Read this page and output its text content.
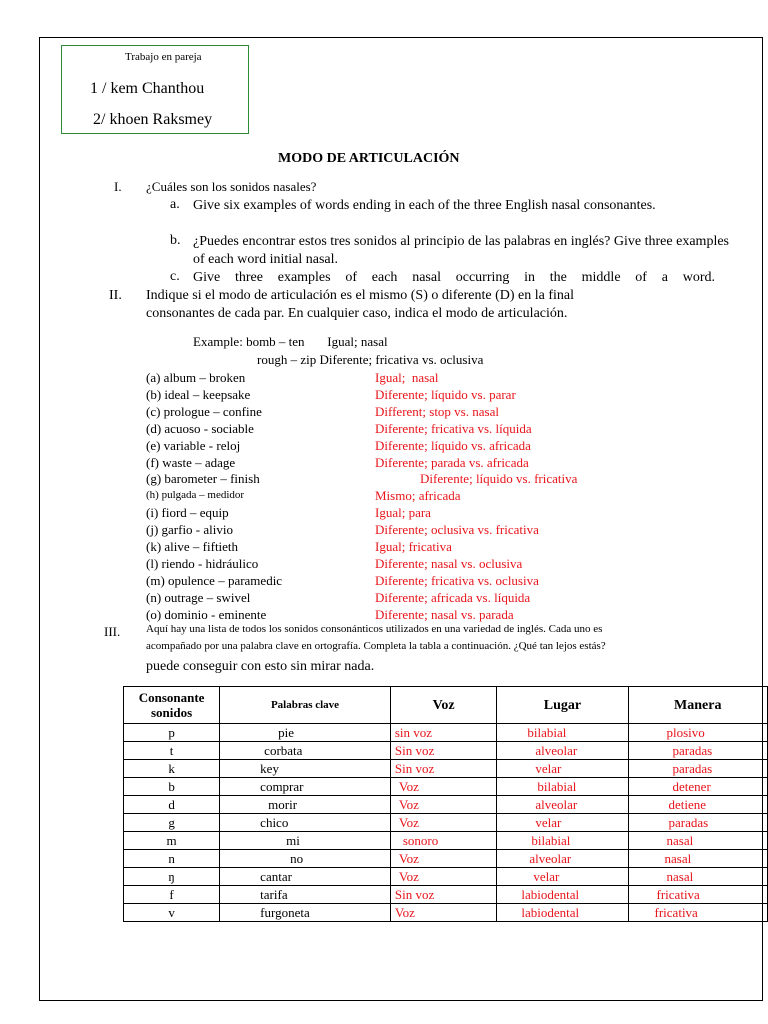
Trabajo en pareja
1 / kem Chanthou
2/ khoen Raksmey
MODO DE ARTICULACIÓN
I. ¿Cuáles son los sonidos nasales?
a. Give six examples of words ending in each of the three English nasal consonantes.
b. ¿Puedes encontrar estos tres sonidos al principio de las palabras en inglés? Give three examples of each word initial nasal.
c. Give three examples of each nasal occurring in the middle of a word.
II. Indique si el modo de articulación es el mismo (S) o diferente (D) en la final
consonantes de cada par. En cualquier caso, indica el modo de articulación.
Example: bomb – ten       Igual; nasal
rough – zip Diferente; fricativa vs. oclusiva
(a) album – broken	Igual;  nasal
(b) ideal – keepsake	Diferente; líquido vs. parar
(c) prologue – confine	Different; stop vs. nasal
(d) acuoso - sociable	Diferente; fricativa vs. líquida
(e) variable - reloj	Diferente; líquido vs. africada
(f) waste – adage	Diferente; parada vs. africada
(g) barometer – finish	Diferente; líquido vs. fricativa
(h) pulgada – medidor	Mismo; africada
(i) fiord – equip	Igual; para
(j) garfio - alivio	Diferente; oclusiva vs. fricativa
(k) alive – fiftieth	Igual; fricativa
(l) riendo - hidráulico	Diferente; nasal vs. oclusiva
(m) opulence – paramedic	Diferente; fricativa vs. oclusiva
(n) outrage – swivel	Diferente; africada vs. líquida
(o) dominio - eminente	Diferente; nasal vs. parada
III. Aquí hay una lista de todos los sonidos consonánticos utilizados en una variedad de inglés. Cada uno es
acompañado por una palabra clave en ortografía. Completa la tabla a continuación. ¿Qué tan lejos estás?
puede conseguir con esto sin mirar nada.
Consonante sonidos	Palabras clave	Voz	Lugar	Manera
p	pie	sin voz	bilabial	plosivo
t	corbata	Sin voz	alveolar	paradas
k	key	Sin voz	velar	paradas
b	comprar	Voz	bilabial	detener
d	morir	Voz	alveolar	detiene
g	chico	Voz	velar	paradas
m	mi	sonoro	bilabial	nasal
n	no	Voz	alveolar	nasal
ŋ	cantar	Voz	velar	nasal
f	tarifa	Sin voz	labiodental	fricativa
v	furgoneta	Voz	labiodental	fricativa
